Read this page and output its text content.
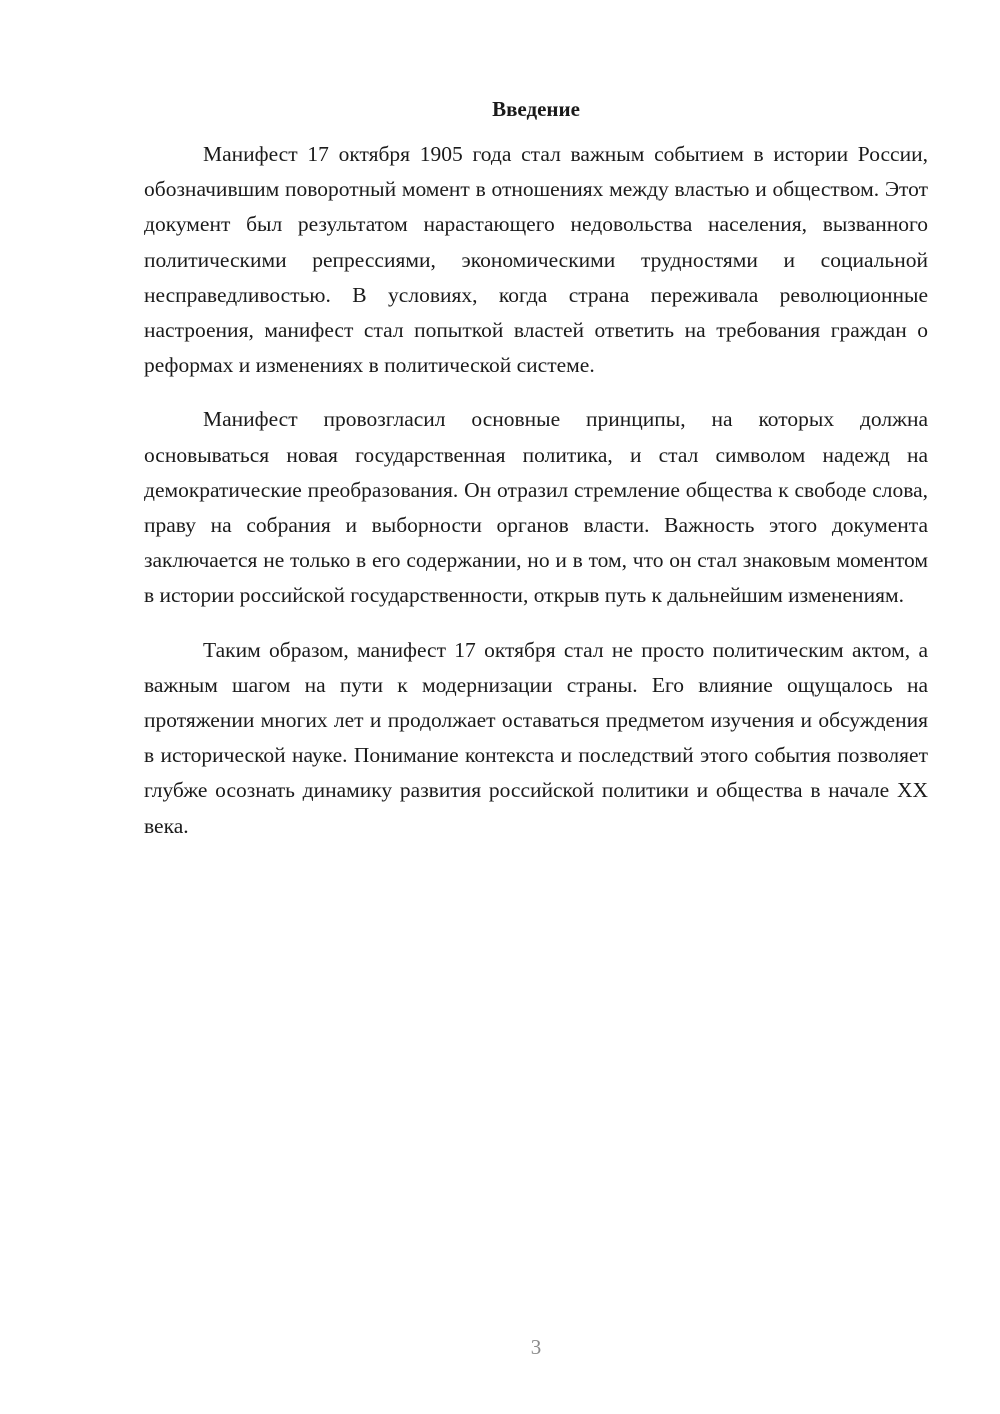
Введение

Манифест 17 октября 1905 года стал важным событием в истории России, обозначившим поворотный момент в отношениях между властью и обществом. Этот документ был результатом нарастающего недовольства населения, вызванного политическими репрессиями, экономическими трудностями и социальной несправедливостью. В условиях, когда страна переживала революционные настроения, манифест стал попыткой властей ответить на требования граждан о реформах и изменениях в политической системе.

Манифест провозгласил основные принципы, на которых должна основываться новая государственная политика, и стал символом надежд на демократические преобразования. Он отразил стремление общества к свободе слова, праву на собрания и выборности органов власти. Важность этого документа заключается не только в его содержании, но и в том, что он стал знаковым моментом в истории российской государственности, открыв путь к дальнейшим изменениям.

Таким образом, манифест 17 октября стал не просто политическим актом, а важным шагом на пути к модернизации страны. Его влияние ощущалось на протяжении многих лет и продолжает оставаться предметом изучения и обсуждения в исторической науке. Понимание контекста и последствий этого события позволяет глубже осознать динамику развития российской политики и общества в начале XX века.

3
